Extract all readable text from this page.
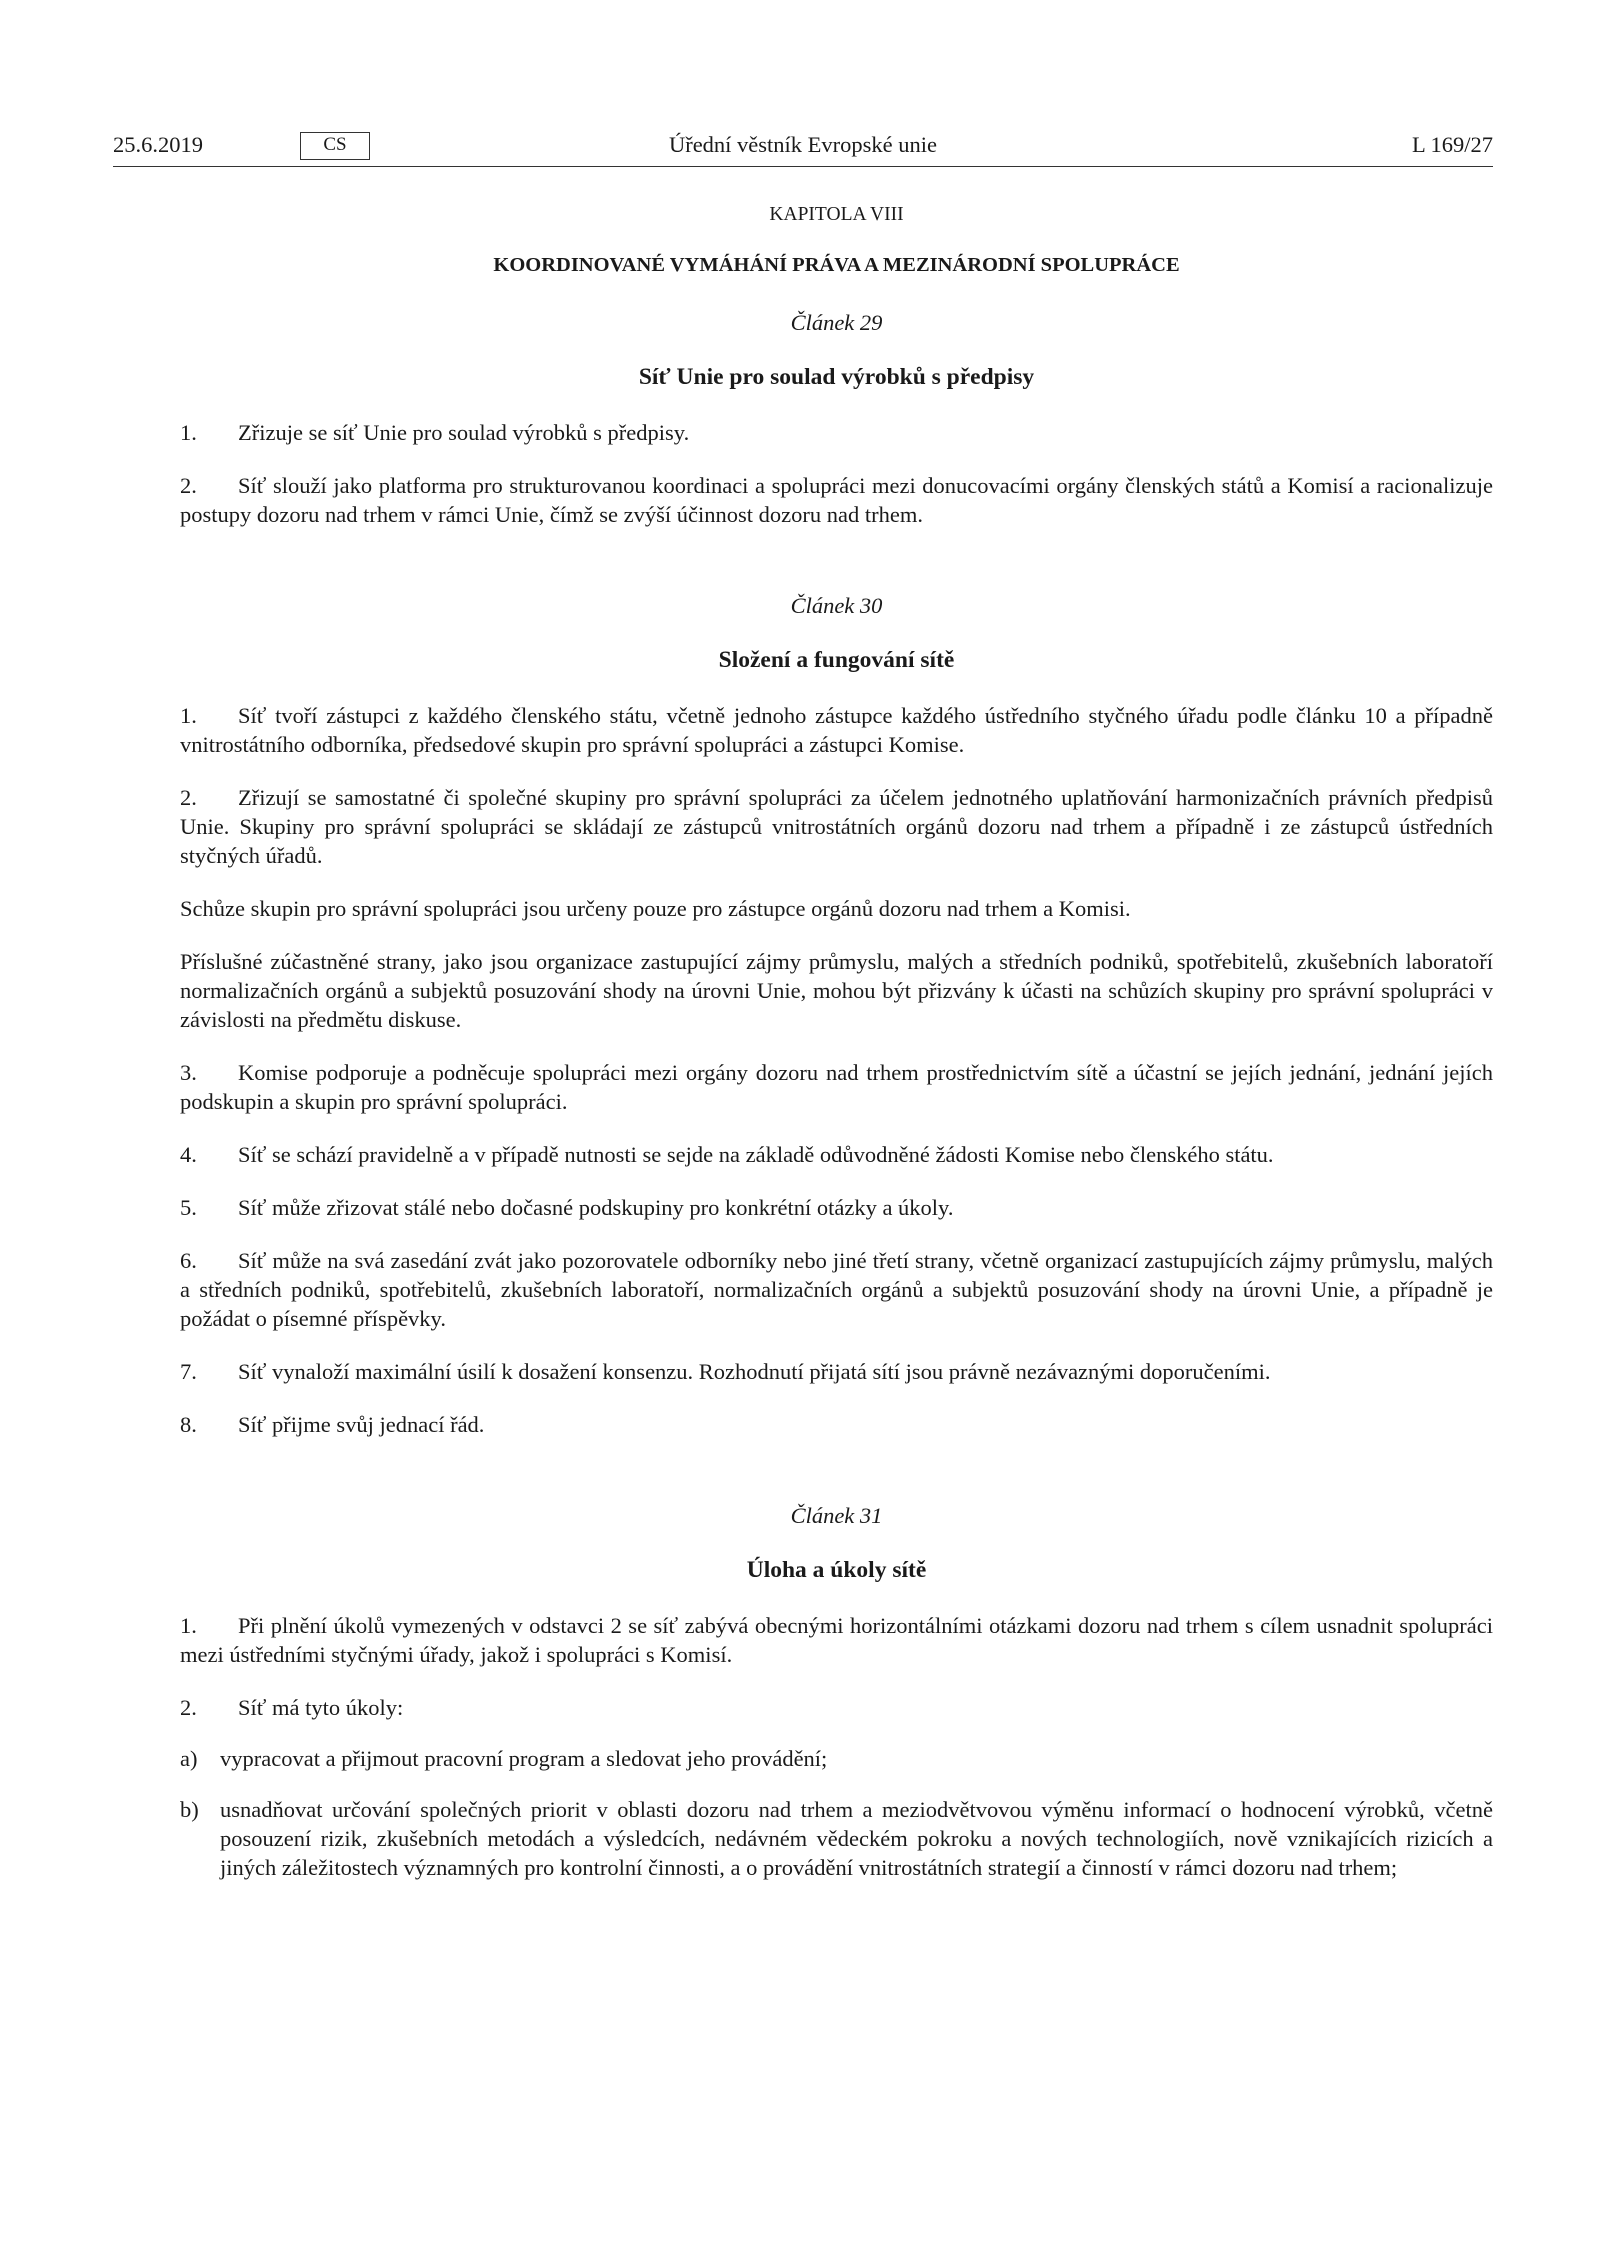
25.6.2019	CS	Úřední věstník Evropské unie	L 169/27

KAPITOLA VIII

KOORDINOVANÉ VYMÁHÁNÍ PRÁVA A MEZINÁRODNÍ SPOLUPRÁCE

Článek 29

Síť Unie pro soulad výrobků s předpisy

1. Zřizuje se síť Unie pro soulad výrobků s předpisy.

2. Síť slouží jako platforma pro strukturovanou koordinaci a spolupráci mezi donucovacími orgány členských států a Komisí a racionalizuje postupy dozoru nad trhem v rámci Unie, čímž se zvýší účinnost dozoru nad trhem.

Článek 30

Složení a fungování sítě

1. Síť tvoří zástupci z každého členského státu, včetně jednoho zástupce každého ústředního styčného úřadu podle článku 10 a případně vnitrostátního odborníka, předsedové skupin pro správní spolupráci a zástupci Komise.

2. Zřizují se samostatné či společné skupiny pro správní spolupráci za účelem jednotného uplatňování harmonizačních právních předpisů Unie. Skupiny pro správní spolupráci se skládají ze zástupců vnitrostátních orgánů dozoru nad trhem a případně i ze zástupců ústředních styčných úřadů.

Schůze skupin pro správní spolupráci jsou určeny pouze pro zástupce orgánů dozoru nad trhem a Komisi.

Příslušné zúčastněné strany, jako jsou organizace zastupující zájmy průmyslu, malých a středních podniků, spotřebitelů, zkušebních laboratoří normalizačních orgánů a subjektů posuzování shody na úrovni Unie, mohou být přizvány k účasti na schůzích skupiny pro správní spolupráci v závislosti na předmětu diskuse.

3. Komise podporuje a podněcuje spolupráci mezi orgány dozoru nad trhem prostřednictvím sítě a účastní se jejích jednání, jednání jejích podskupin a skupin pro správní spolupráci.

4. Síť se schází pravidelně a v případě nutnosti se sejde na základě odůvodněné žádosti Komise nebo členského státu.

5. Síť může zřizovat stálé nebo dočasné podskupiny pro konkrétní otázky a úkoly.

6. Síť může na svá zasedání zvát jako pozorovatele odborníky nebo jiné třetí strany, včetně organizací zastupujících zájmy průmyslu, malých a středních podniků, spotřebitelů, zkušebních laboratoří, normalizačních orgánů a subjektů posuzování shody na úrovni Unie, a případně je požádat o písemné příspěvky.

7. Síť vynaloží maximální úsilí k dosažení konsenzu. Rozhodnutí přijatá sítí jsou právně nezávaznými doporučeními.

8. Síť přijme svůj jednací řád.

Článek 31

Úloha a úkoly sítě

1. Při plnění úkolů vymezených v odstavci 2 se síť zabývá obecnými horizontálními otázkami dozoru nad trhem s cílem usnadnit spolupráci mezi ústředními styčnými úřady, jakož i spolupráci s Komisí.

2. Síť má tyto úkoly:

a)	vypracovat a přijmout pracovní program a sledovat jeho provádění;
b) usnadňovat určování společných priorit v oblasti dozoru nad trhem a meziodvětvovou výměnu informací o hodnocení výrobků, včetně posouzení rizik, zkušebních metodách a výsledcích, nedávném vědeckém pokroku a nových technologiích, nově vznikajících rizicích a jiných záležitostech významných pro kontrolní činnosti, a o provádění vnitrostátních strategií a činností v rámci dozoru nad trhem;
